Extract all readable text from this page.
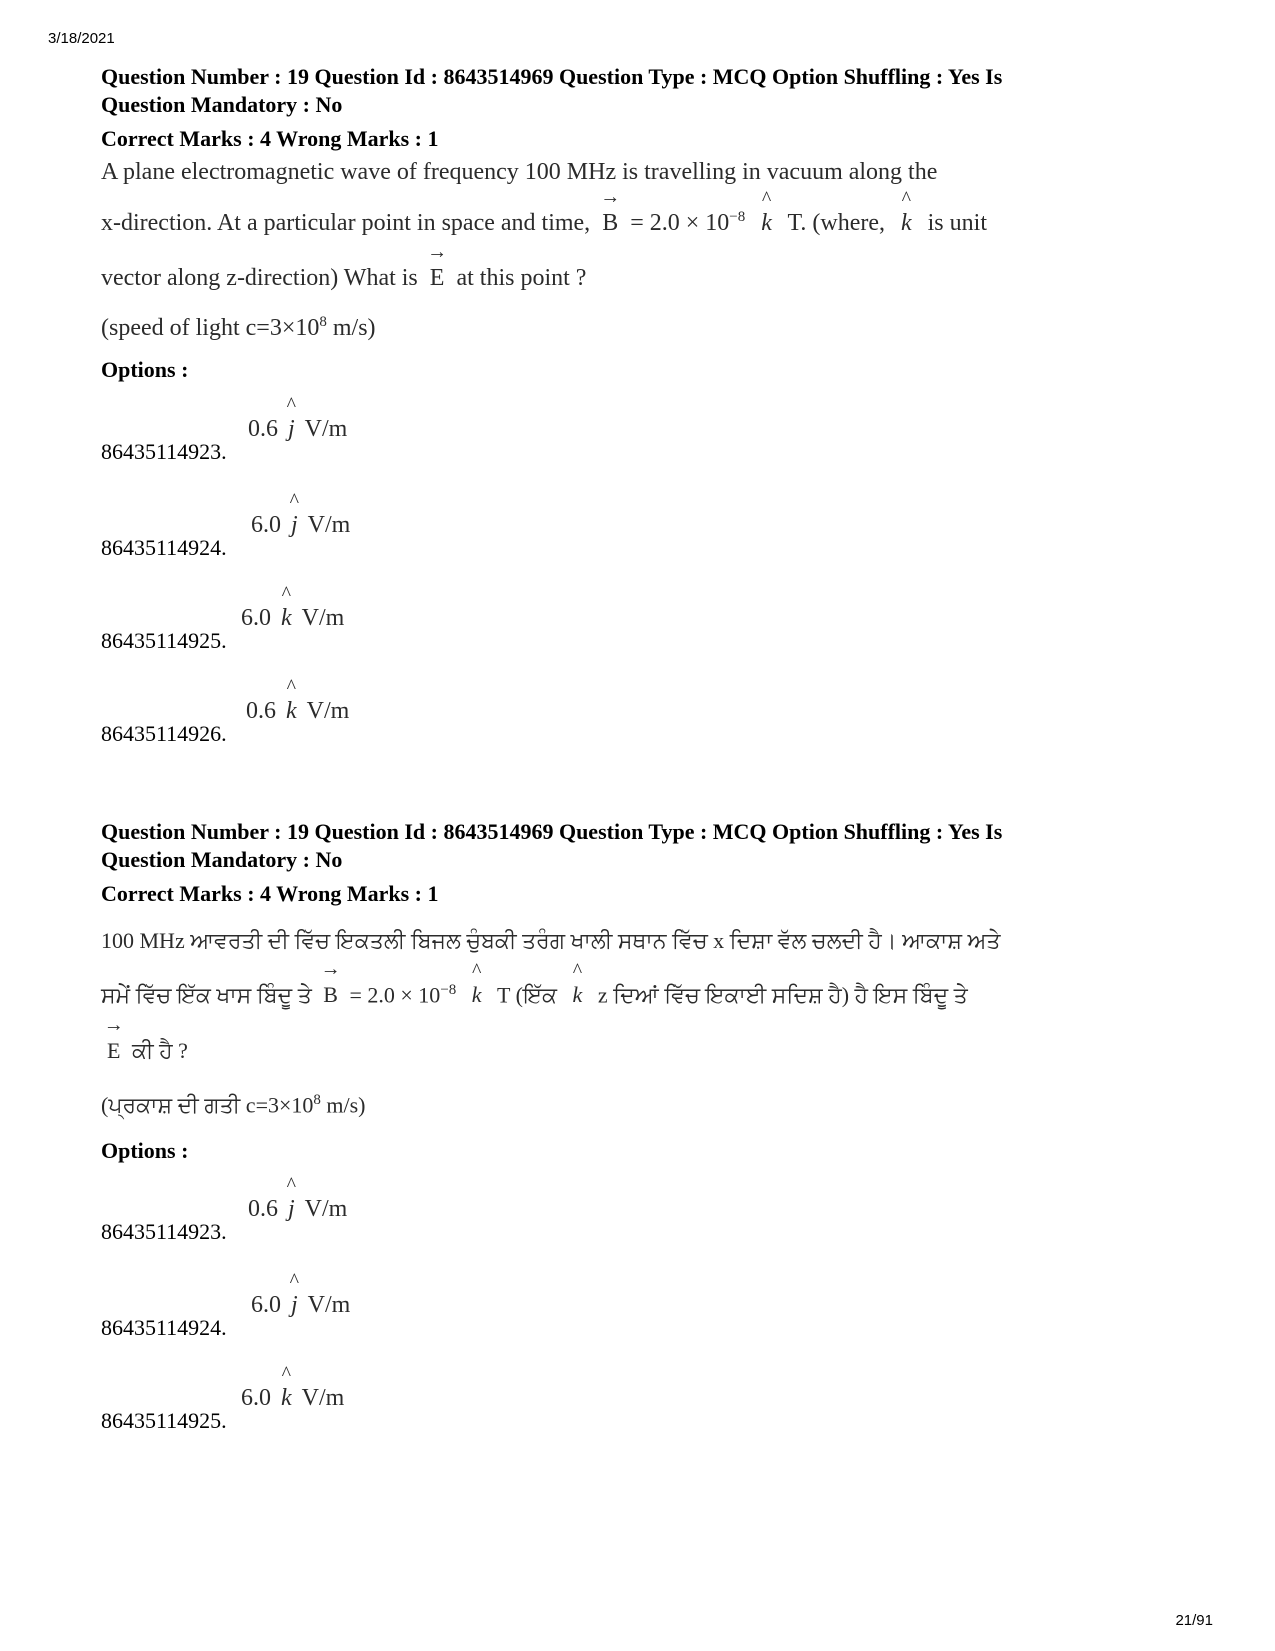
3/18/2021
Question Number : 19 Question Id : 8643514969 Question Type : MCQ Option Shuffling : Yes Is
Question Mandatory : No
Correct Marks : 4 Wrong Marks : 1
A plane electromagnetic wave of frequency 100 MHz is travelling in vacuum along the
x-direction. At a particular point in space and time, → $B = 2.0 \times 10^{-8}$ ^ k T. (where, ^ k is unit
vector along z-direction) What is → E at this point ?
(speed of light $c=3\times 10^8$ m/s)
Options :
86435114923.
0.6 ^ j V/m
86435114924.
6.0 ^ j V/m
86435114925.
6.0 ^ k V/m
86435114926.
0.6 ^ k V/m
Question Number : 19 Question Id : 8643514969 Question Type : MCQ Option Shuffling : Yes Is
Question Mandatory : No
Correct Marks : 4 Wrong Marks : 1
100 MHz ਆਵਰਤੀ ਦੀ ਵਿੱਚ ਇਕਤਲੀ ਬਿਜਲ ਚੁੰਬਕੀ ਤਰੰਗ ਖਾਲੀ ਸਥਾਨ ਵਿੱਚ x ਦਿਸ਼ਾ ਵੱਲ ਚਲਦੀ ਹੈ। ਆਕਾਸ਼ ਅਤੇ
ਸਮੇਂ ਵਿੱਚ ਇੱਕ ਖਾਸ ਬਿੰਦੂ ਤੇ → $B = 2.0 \times 10^{-8}$ ^ k T (ਇੱਕ ^ k z ਦਿਆਂ ਵਿੱਚ ਇਕਾਈ ਸਦਿਸ਼ ਹੈ) ਹੈ ਇਸ ਬਿੰਦੂ ਤੇ
→ E ਕੀ ਹੈ ?
(ਪ੍ਰਕਾਸ਼ ਦੀ ਗਤੀ $c=3\times 10^8$ m/s)
Options :
86435114923.
0.6 ^ j V/m
86435114924.
6.0 ^ j V/m
86435114925.
6.0 ^ k V/m
21/91
